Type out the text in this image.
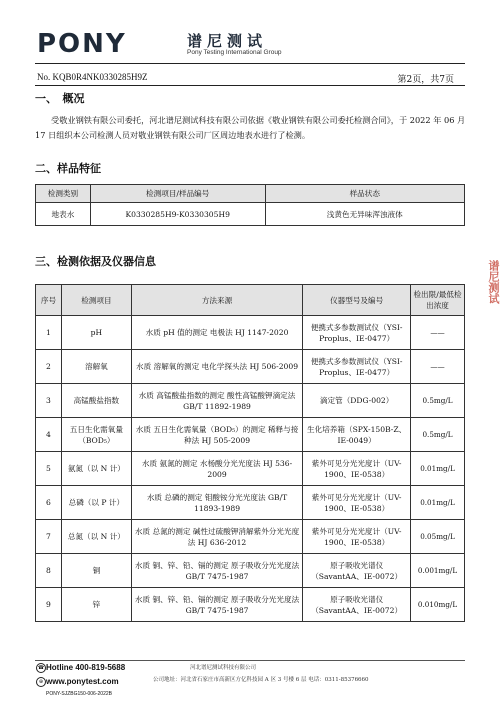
PONY	谱尼测试
Pony Testing International Group
No. KQB0R4NK0330285H9Z	第2页，共7页
一、　概况
受敬业钢铁有限公司委托，河北谱尼测试科技有限公司依据《敬业钢铁有限公司委托检测合同》，于 2022 年 06 月 17 日组织本公司检测人员对敬业钢铁有限公司厂区周边地表水进行了检测。
二、样品特征
检测类别	检测项目/样品编号	样品状态
地表水	K0330285H9-K0330305H9	浅黄色无异味浑浊液体
三、检测依据及仪器信息
序号	检测项目	方法来源	仪器型号及编号	检出限/最低检出浓度
1	pH	水质 pH 值的测定 电极法 HJ 1147-2020	便携式多参数测试仪（YSI-Proplus、IE-0477）	——
2	溶解氧	水质 溶解氧的测定 电化学探头法 HJ 506-2009	便携式多参数测试仪（YSI-Proplus、IE-0477）	——
3	高锰酸盐指数	水质 高锰酸盐指数的测定 酸性高锰酸钾滴定法 GB/T 11892-1989	滴定管（DDG-002）	0.5mg/L
4	五日生化需氧量（BOD₅）	水质 五日生化需氧量（BOD₅）的测定 稀释与接种法 HJ 505-2009	生化培养箱（SPX-150B-Z、IE-0049）	0.5mg/L
5	氨氮（以 N 计）	水质 氨氮的测定 水杨酸分光光度法 HJ 536-2009	紫外可见分光光度计（UV-1900、IE-0538）	0.01mg/L
6	总磷（以 P 计）	水质 总磷的测定 钼酸铵分光光度法 GB/T 11893-1989	紫外可见分光光度计（UV-1900、IE-0538）	0.01mg/L
7	总氮（以 N 计）	水质 总氮的测定 碱性过硫酸钾消解紫外分光光度法 HJ 636-2012	紫外可见分光光度计（UV-1900、IE-0538）	0.05mg/L
8	铜	水质 铜、锌、铅、镉的测定 原子吸收分光光度法 GB/T 7475-1987	原子吸收光谱仪（SavantAA、IE-0072）	0.001mg/L
9	锌	水质 铜、锌、铅、镉的测定 原子吸收分光光度法 GB/T 7475-1987	原子吸收光谱仪（SavantAA、IE-0072）	0.010mg/L
谱尼测试
☎ Hotline 400-819-5688
⊕ www.ponytest.com
PONY-SJZBG150-006-2022B
河北谱尼测试科技有限公司
公司地址：河北省石家庄市高新区方亿科技园 A 区 3 号楼 6 层 电话：0311-85376660
